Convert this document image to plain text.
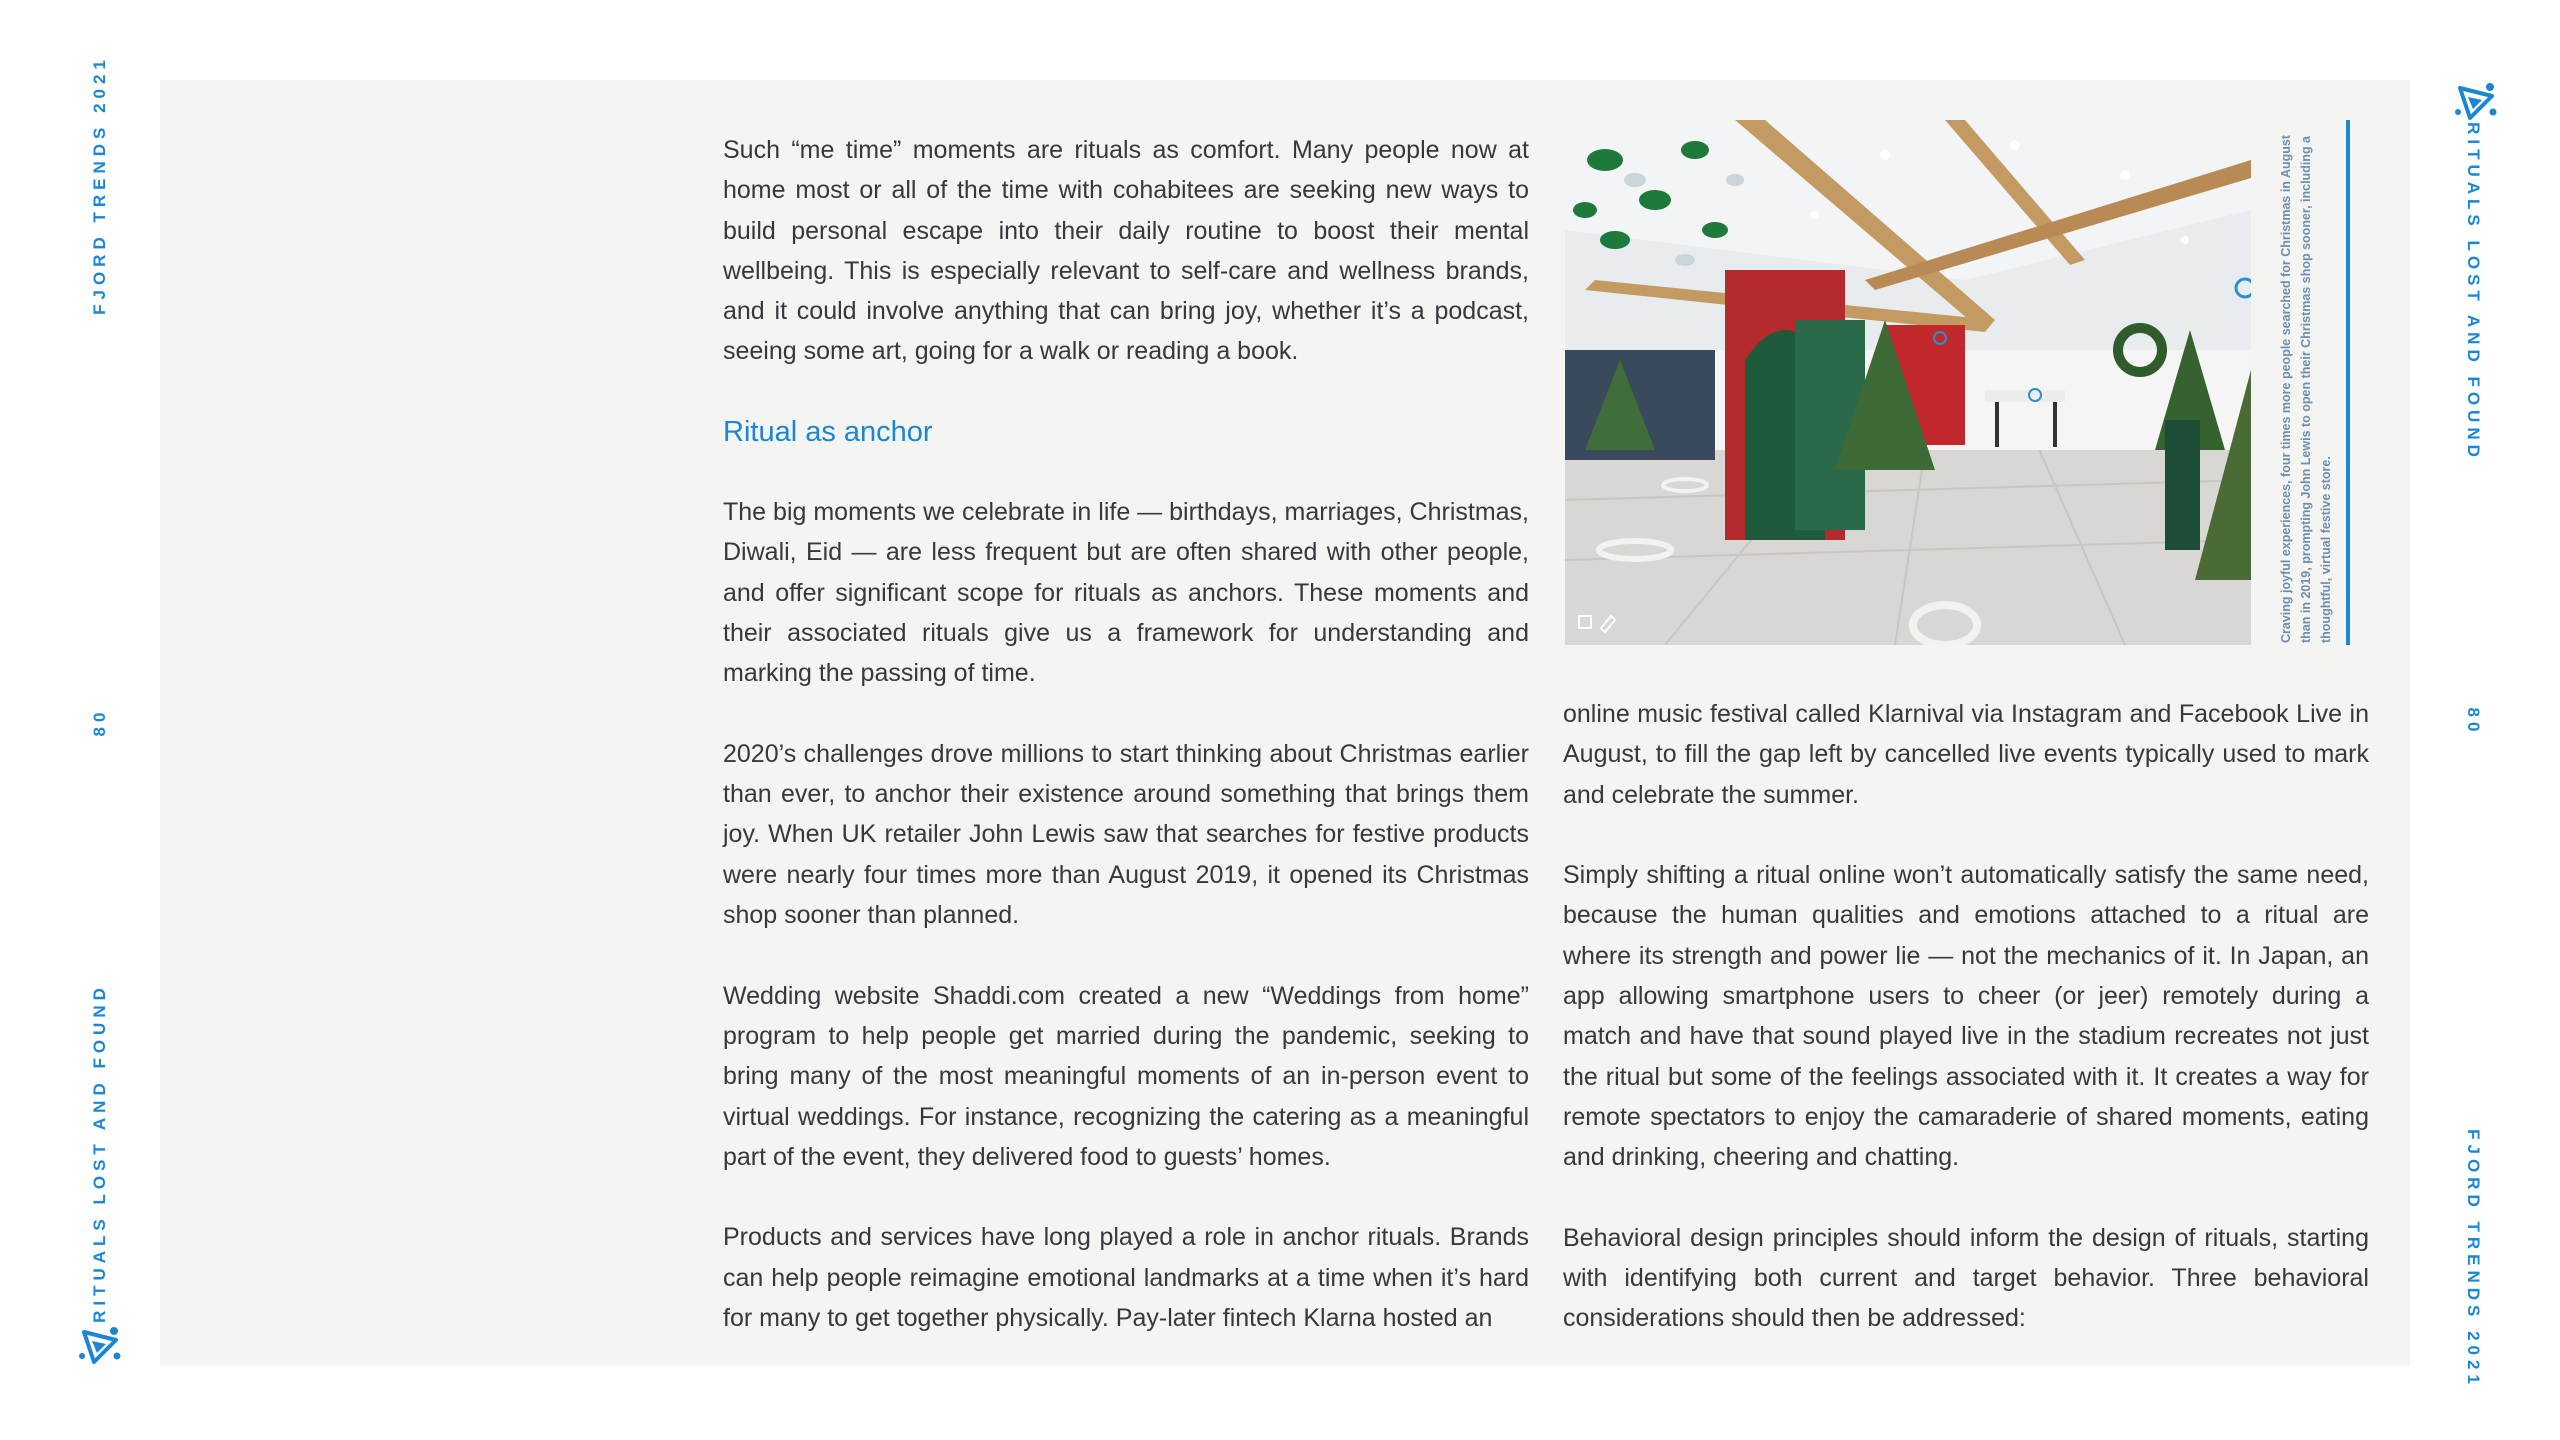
FJORD TRENDS 2021
80
RITUALS LOST AND FOUND
RITUALS LOST AND FOUND
80
FJORD TRENDS 2021

Such “me time” moments are rituals as comfort. Many people now at home most or all of the time with cohabitees are seeking new ways to build personal escape into their daily routine to boost their mental wellbeing. This is especially relevant to self-care and wellness brands, and it could involve anything that can bring joy, whether it’s a podcast, seeing some art, going for a walk or reading a book.

Ritual as anchor

The big moments we celebrate in life — birthdays, marriages, Christmas, Diwali, Eid — are less frequent but are often shared with other people, and offer significant scope for rituals as anchors. These moments and their associated rituals give us a framework for understanding and marking the passing of time.

2020’s challenges drove millions to start thinking about Christmas earlier than ever, to anchor their existence around something that brings them joy. When UK retailer John Lewis saw that searches for festive products were nearly four times more than August 2019, it opened its Christmas shop sooner than planned.

Wedding website Shaddi.com created a new “Weddings from home” program to help people get married during the pandemic, seeking to bring many of the most meaningful moments of an in-person event to virtual weddings. For instance, recognizing the catering as a meaningful part of the event, they delivered food to guests’ homes.

Products and services have long played a role in anchor rituals. Brands can help people reimagine emotional landmarks at a time when it’s hard for many to get together physically. Pay-later fintech Klarna hosted an

Craving joyful experiences, four times more people searched for Christmas in August than in 2019, prompting John Lewis to open their Christmas shop sooner, including a thoughtful, virtual festive store.

online music festival called Klarnival via Instagram and Facebook Live in August, to fill the gap left by cancelled live events typically used to mark and celebrate the summer.

Simply shifting a ritual online won’t automatically satisfy the same need, because the human qualities and emotions attached to a ritual are where its strength and power lie — not the mechanics of it. In Japan, an app allowing smartphone users to cheer (or jeer) remotely during a match and have that sound played live in the stadium recreates not just the ritual but some of the feelings associated with it. It creates a way for remote spectators to enjoy the camaraderie of shared moments, eating and drinking, cheering and chatting.

Behavioral design principles should inform the design of rituals, starting with identifying both current and target behavior. Three behavioral considerations should then be addressed:
